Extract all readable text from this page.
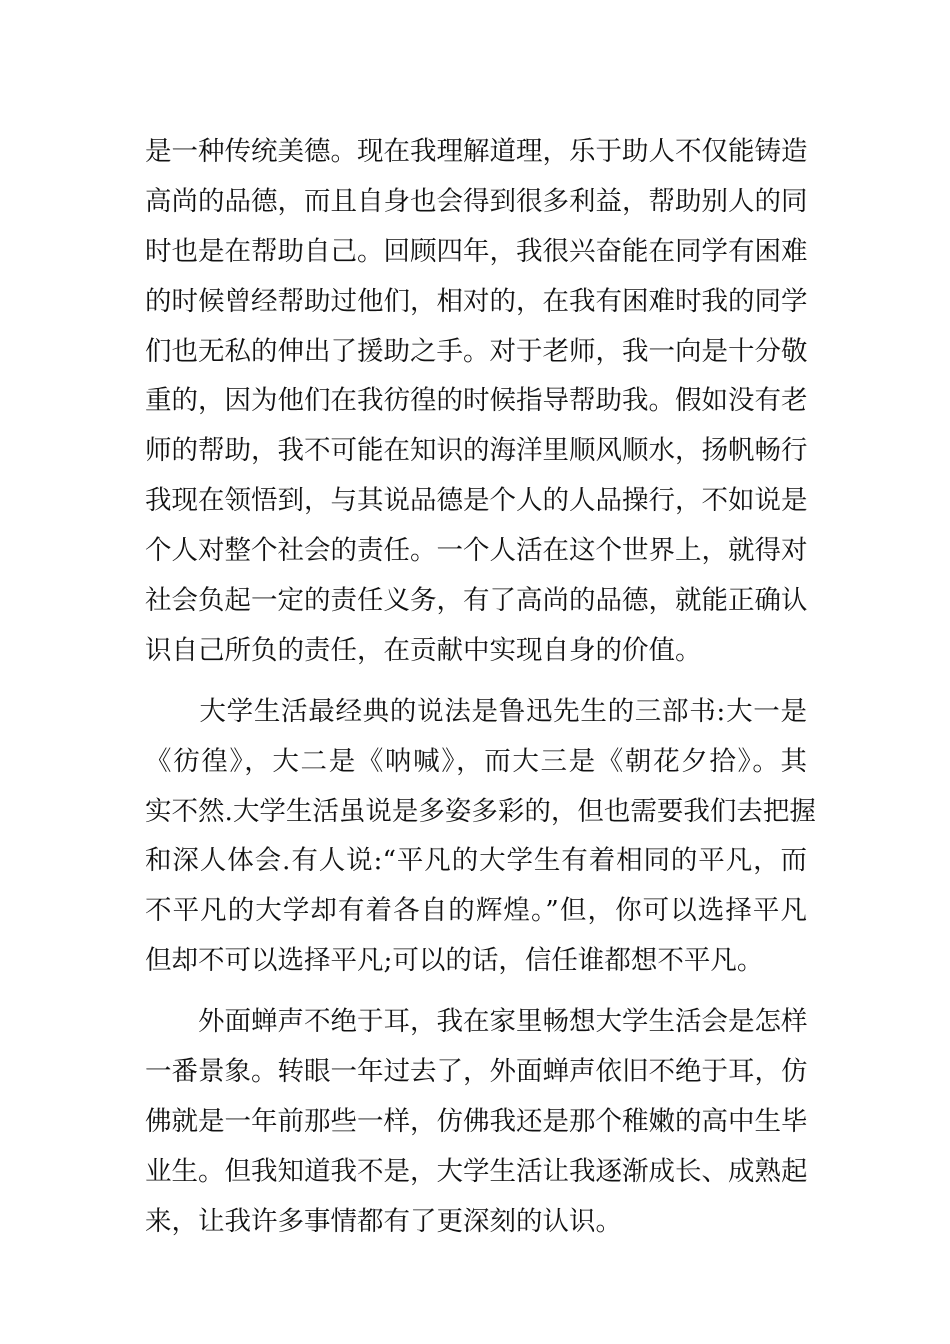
是一种传统美德。现在我理解道理，乐于助人不仅能铸造
高尚的品德，而且自身也会得到很多利益，帮助别人的同
时也是在帮助自己。回顾四年，我很兴奋能在同学有困难
的时候曾经帮助过他们，相对的，在我有困难时我的同学
们也无私的伸出了援助之手。对于老师，我一向是十分敬
重的，因为他们在我彷徨的时候指导帮助我。假如没有老
师的帮助，我不可能在知识的海洋里顺风顺水，扬帆畅行
我现在领悟到，与其说品德是个人的人品操行，不如说是
个人对整个社会的责任。一个人活在这个世界上，就得对
社会负起一定的责任义务，有了高尚的品德，就能正确认
识自己所负的责任，在贡献中实现自身的价值。
　　大学生活最经典的说法是鲁迅先生的三部书:大一是
《彷徨》，大二是《呐喊》，而大三是《朝花夕拾》。其
实不然.大学生活虽说是多姿多彩的，但也需要我们去把握
和深人体会.有人说:“平凡的大学生有着相同的平凡，而
不平凡的大学却有着各自的辉煌。”但，你可以选择平凡
但却不可以选择平凡;可以的话，信任谁都想不平凡。
　　外面蝉声不绝于耳，我在家里畅想大学生活会是怎样
一番景象。转眼一年过去了，外面蝉声依旧不绝于耳，仿
佛就是一年前那些一样，仿佛我还是那个稚嫩的高中生毕
业生。但我知道我不是，大学生活让我逐渐成长、成熟起
来，让我许多事情都有了更深刻的认识。
